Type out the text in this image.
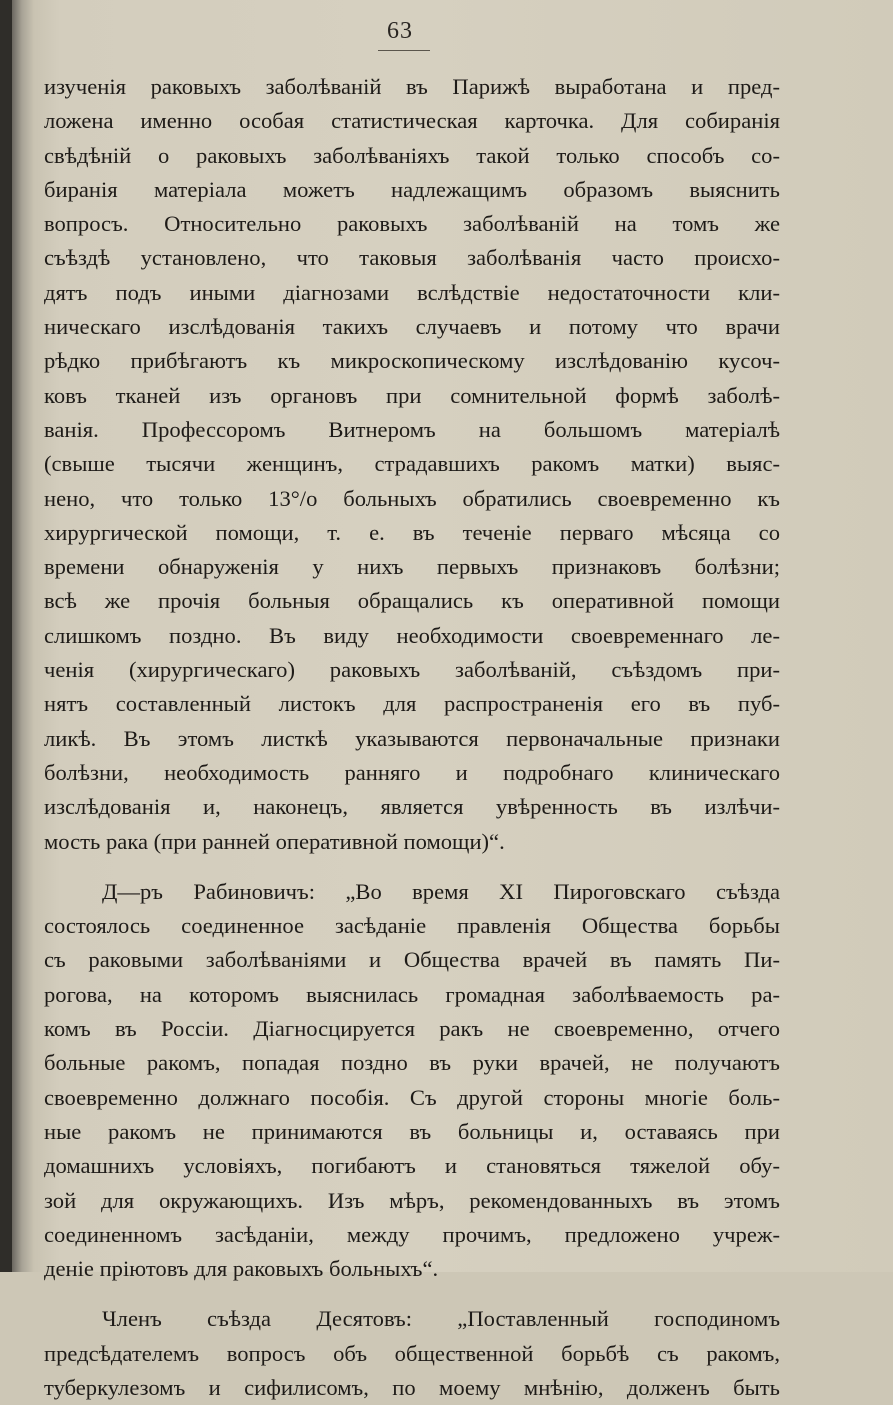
63
изученія раковыхъ заболѣваній въ Парижѣ выработана и пред-
ложена именно особая статистическая карточка. Для собиранія
свѣдѣній о раковыхъ заболѣваніяхъ такой только способъ со-
биранія матеріала можетъ надлежащимъ образомъ выяснить
вопросъ. Относительно раковыхъ заболѣваній на томъ же
съѣздѣ установлено, что таковыя заболѣванія часто происхо-
дятъ подъ иными діагнозами вслѣдствіе недостаточности кли-
ническаго изслѣдованія такихъ случаевъ и потому что врачи
рѣдко прибѣгаютъ къ микроскопическому изслѣдованію кусоч-
ковъ тканей изъ органовъ при сомнительной формѣ заболѣ-
ванія. Профессоромъ Витнеромъ на большомъ матеріалѣ
(свыше тысячи женщинъ, страдавшихъ ракомъ матки) выяс-
нено, что только 13°/o больныхъ обратились своевременно къ
хирургической помощи, т. е. въ теченіе перваго мѣсяца со
времени обнаруженія у нихъ первыхъ признаковъ болѣзни;
всѣ же прочія больныя обращались къ оперативной помощи
слишкомъ поздно. Въ виду необходимости своевременнаго ле-
ченія (хирургическаго) раковыхъ заболѣваній, съѣздомъ при-
нятъ составленный листокъ для распространенія его въ пуб-
ликѣ. Въ этомъ листкѣ указываются первоначальные признаки
болѣзни, необходимость ранняго и подробнаго клиническаго
изслѣдованія и, наконецъ, является увѣренность въ излѣчи-
мость рака (при ранней оперативной помощи)“.
Д—ръ Рабиновичъ: „Во время XI Пироговскаго съѣзда
состоялось соединенное засѣданіе правленія Общества борьбы
съ раковыми заболѣваніями и Общества врачей въ память Пи-
рогова, на которомъ выяснилась громадная заболѣваемость ра-
комъ въ Россіи. Діагносцируется ракъ не своевременно, отчего
больные ракомъ, попадая поздно въ руки врачей, не получаютъ
своевременно должнаго пособія. Съ другой стороны многіе боль-
ные ракомъ не принимаются въ больницы и, оставаясь при
домашнихъ условіяхъ, погибаютъ и становяться тяжелой обу-
зой для окружающихъ. Изъ мѣръ, рекомендованныхъ въ этомъ
соединенномъ засѣданіи, между прочимъ, предложено учреж-
деніе пріютовъ для раковыхъ больныхъ“.
Членъ съѣзда Десятовъ: „Поставленный господиномъ
предсѣдателемъ вопросъ объ общественной борьбѣ съ ракомъ,
туберкулезомъ и сифилисомъ, по моему мнѣнію, долженъ быть
